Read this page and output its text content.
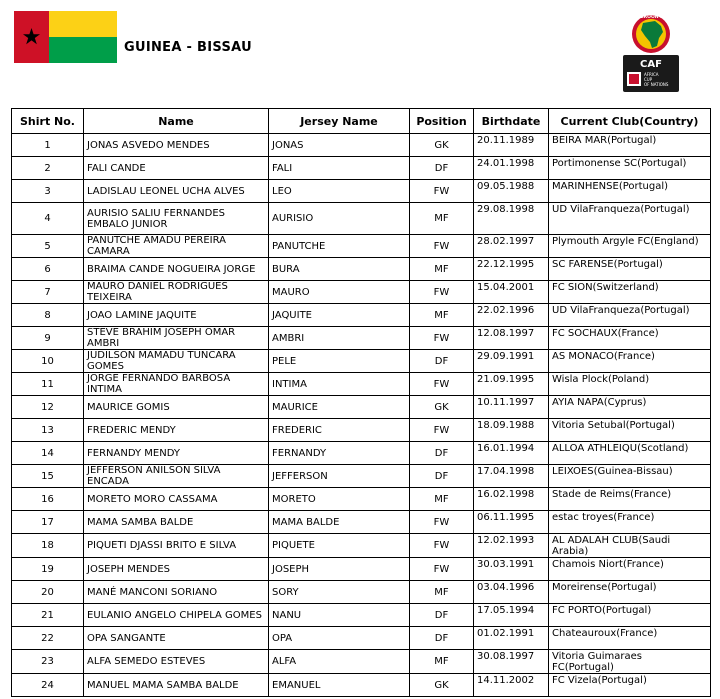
GUINEA - BISSAU
CAMEROON 2021
CAF
AFRICA
CUP
OF NATIONS
Shirt No.	Name	Jersey Name	Position	Birthdate	Current Club(Country)
1	JONAS ASVEDO MENDES	JONAS	GK	20.11.1989	BEIRA MAR(Portugal)
2	FALI CANDE	FALI	DF	24.01.1998	Portimonense SC(Portugal)
3	LADISLAU LEONEL UCHA ALVES	LEO	FW	09.05.1988	MARINHENSE(Portugal)
4	AURISIO SALIU FERNANDES EMBALO JUNIOR	AURISIO	MF	29.08.1998	UD VilaFranqueza(Portugal)
5	PANUTCHE AMADU PEREIRA CAMARA	PANUTCHE	FW	28.02.1997	Plymouth Argyle FC(England)
6	BRAIMA CANDE NOGUEIRA JORGE	BURA	MF	22.12.1995	SC FARENSE(Portugal)
7	MAURO DANIEL RODRIGUES TEIXEIRA	MAURO	FW	15.04.2001	FC SION(Switzerland)
8	JOAO LAMINE JAQUITE	JAQUITE	MF	22.02.1996	UD VilaFranqueza(Portugal)
9	STEVE BRAHIM JOSEPH OMAR AMBRI	AMBRI	FW	12.08.1997	FC SOCHAUX(France)
10	JUDILSON MAMADU TUNCARA GOMES	PELE	DF	29.09.1991	AS MONACO(France)
11	JORGE FERNANDO BARBOSA INTIMA	INTIMA	FW	21.09.1995	Wisla Plock(Poland)
12	MAURICE GOMIS	MAURICE	GK	10.11.1997	AYIA NAPA(Cyprus)
13	FREDERIC MENDY	FREDERIC	FW	18.09.1988	Vitoria Setubal(Portugal)
14	FERNANDY MENDY	FERNANDY	DF	16.01.1994	ALLOA ATHLEIQU(Scotland)
15	JEFFERSON ANILSON SILVA ENCADA	JEFFERSON	DF	17.04.1998	LEIXOES(Guinea-Bissau)
16	MORETO MORO CASSAMA	MORETO	MF	16.02.1998	Stade de Reims(France)
17	MAMA SAMBA BALDE	MAMA BALDE	FW	06.11.1995	estac troyes(France)
18	PIQUETI DJASSI BRITO E SILVA	PIQUETE	FW	12.02.1993	AL ADALAH CLUB(Saudi Arabia)
19	JOSEPH MENDES	JOSEPH	FW	30.03.1991	Chamois Niort(France)
20	MANÉ MANCONI SORIANO	SORY	MF	03.04.1996	Moreirense(Portugal)
21	EULANIO ANGELO CHIPELA GOMES	NANU	DF	17.05.1994	FC PORTO(Portugal)
22	OPA SANGANTE	OPA	DF	01.02.1991	Chateauroux(France)
23	ALFA SEMEDO ESTEVES	ALFA	MF	30.08.1997	Vitoria Guimaraes FC(Portugal)
24	MANUEL MAMA SAMBA BALDE	EMANUEL	GK	14.11.2002	FC Vizela(Portugal)
